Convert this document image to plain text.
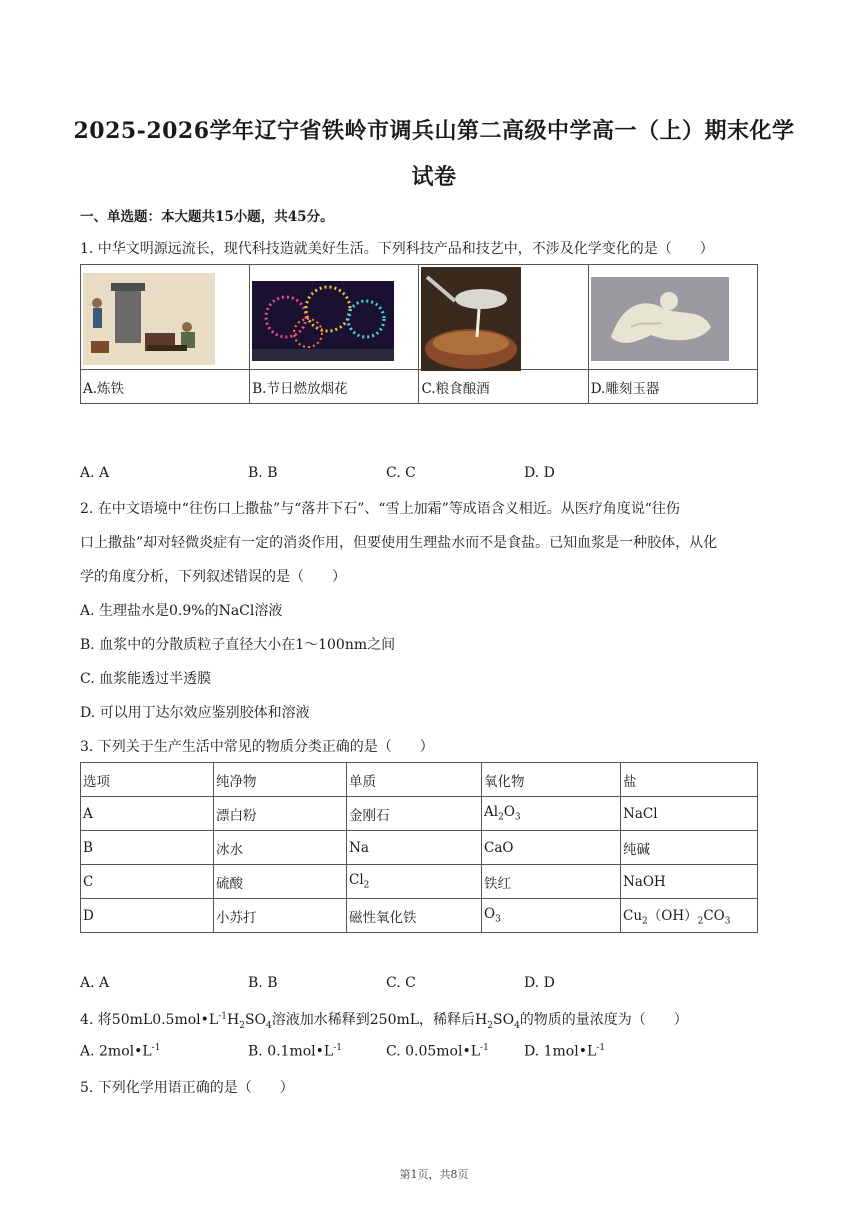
2025-2026学年辽宁省铁岭市调兵山第二高级中学高一（上）期末化学
试卷
一、单选题：本大题共15小题，共45分。
1. 中华文明源远流长，现代科技造就美好生活。下列科技产品和技艺中，不涉及化学变化的是（　　）

A.炼铁	B.节日燃放烟花	C.粮食酿酒	D.雕刻玉器
A. A	B. B	C. C	D. D
2. 在中文语境中“往伤口上撒盐”与“落井下石”、“雪上加霜”等成语含义相近。从医疗角度说“往伤
口上撒盐”却对轻微炎症有一定的消炎作用，但要使用生理盐水而不是食盐。已知血浆是一种胶体，从化
学的角度分析，下列叙述错误的是（　　）
A. 生理盐水是0.9%的NaCl溶液
B. 血浆中的分散质粒子直径大小在1～100nm之间
C. 血浆能透过半透膜
D. 可以用丁达尔效应鉴别胶体和溶液
3. 下列关于生产生活中常见的物质分类正确的是（　　）
选项	纯净物	单质	氧化物	盐
A	漂白粉	金刚石	$Al_2O_3$	NaCl
B	冰水	Na	CaO	纯碱
C	硫酸	$Cl_2$	铁红	NaOH
D	小苏打	磁性氧化铁	$O_3$	$Cu_2(OH)_2CO_3$
A. A	B. B	C. C	D. D
4. 将$50mL0.5mol•L^{-1}H_2SO_4$溶液加水稀释到250mL，稀释后$H_2SO_4$的物质的量浓度为（　　）
A. $2mol•L^{-1}$	B. $0.1mol•L^{-1}$	C. $0.05mol•L^{-1}$	D. $1mol•L^{-1}$
5. 下列化学用语正确的是（　　）
第1页，共8页
